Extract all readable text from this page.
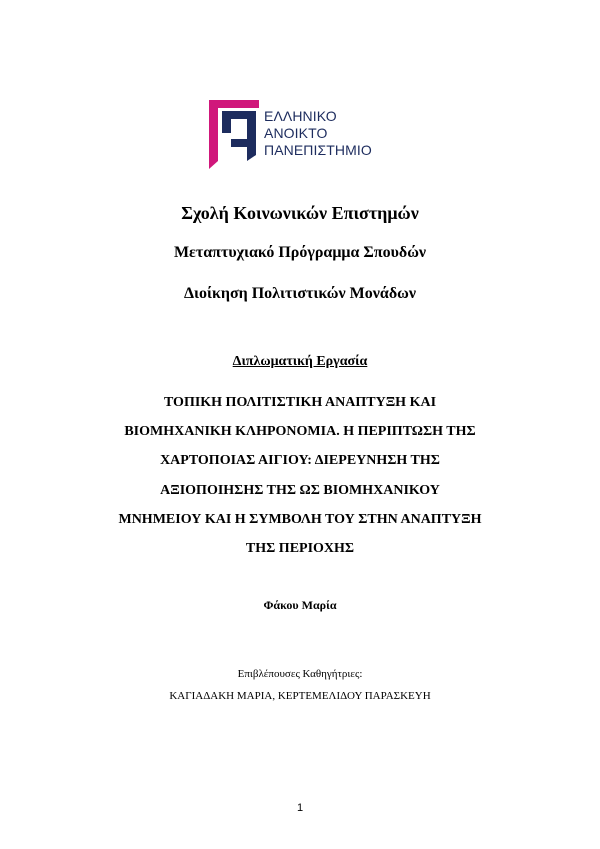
ΕΛΛΗΝΙΚΟ
ΑΝΟΙΚΤΟ
ΠΑΝΕΠΙΣΤΗΜΙΟ
Σχολή Κοινωνικών Επιστημών
Μεταπτυχιακό Πρόγραμμα Σπουδών
Διοίκηση Πολιτιστικών Μονάδων
Διπλωματική Εργασία
ΤΟΠΙΚΗ ΠΟΛΙΤΙΣΤΙΚΗ ΑΝΑΠΤΥΞΗ ΚΑΙ
ΒΙΟΜΗΧΑΝΙΚΗ ΚΛΗΡΟΝΟΜΙΑ. Η ΠΕΡΙΠΤΩΣΗ ΤΗΣ
ΧΑΡΤΟΠΟΙΑΣ ΑΙΓΙΟΥ: ΔΙΕΡΕΥΝΗΣΗ ΤΗΣ
ΑΞΙΟΠΟΙΗΣΗΣ ΤΗΣ ΩΣ ΒΙΟΜΗΧΑΝΙΚΟΥ
ΜΝΗΜΕΙΟΥ ΚΑΙ Η ΣΥΜΒΟΛΗ ΤΟΥ ΣΤΗΝ ΑΝΑΠΤΥΞΗ
ΤΗΣ ΠΕΡΙΟΧΗΣ
Φάκου Μαρία
Επιβλέπουσες Καθηγήτριες:
ΚΑΓΙΑΔΑΚΗ ΜΑΡΙΑ, ΚΕΡΤΕΜΕΛΙΔΟΥ ΠΑΡΑΣΚΕΥΗ
1
